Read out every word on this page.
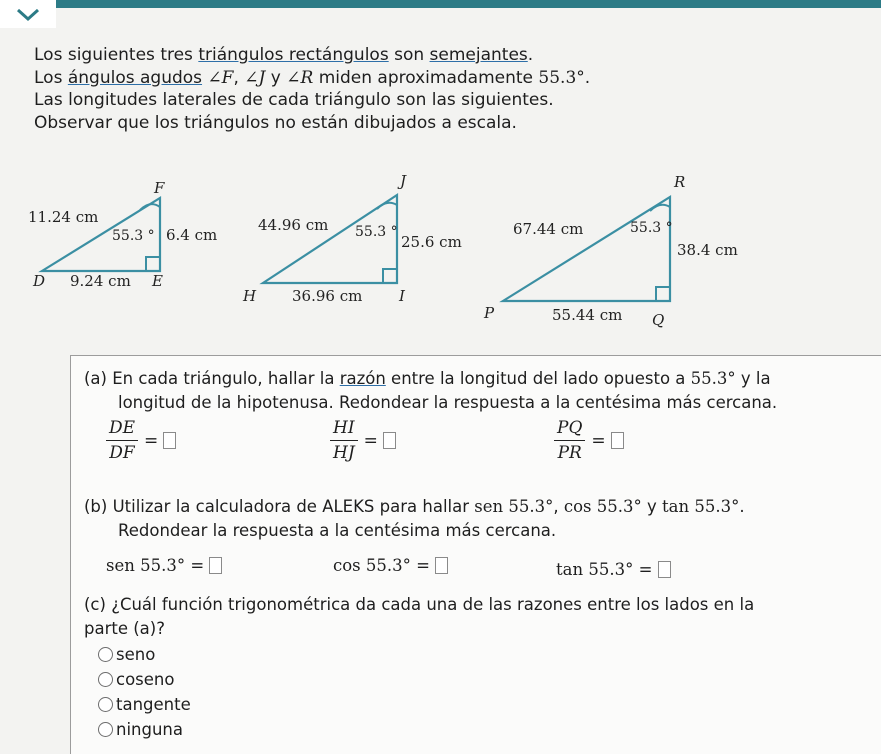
Los siguientes tres triángulos rectángulos son semejantes.

Los ángulos agudos ∠F, ∠J y ∠R miden aproximadamente 55.3°.

Las longitudes laterales de cada triángulo son las siguientes.

Observar que los triángulos no están dibujados a escala.

F
D	E
11.24 cm
6.4 cm
9.24 cm
55.3 °
J
H	I
44.96 cm
25.6 cm
36.96 cm
55.3 °
R
P	Q
67.44 cm
38.4 cm
55.44 cm
55.3 °
(a) En cada triángulo, hallar la razón entre la longitud del lado opuesto a 55.3° y la
longitud de la hipotenusa. Redondear la respuesta a la centésima más cercana.
$\frac{DE}{DF}$ =	$\frac{HI}{HJ}$ =	$\frac{PQ}{PR}$ =
(b) Utilizar la calculadora de ALEKS para hallar sen 55.3°, cos 55.3° y tan 55.3°.
Redondear la respuesta a la centésima más cercana.
sen 55.3° =
	cos 55.3° =
	tan 55.3° =

(c) ¿Cuál función trigonométrica da cada una de las razones entre los lados en la
parte (a)?
seno
coseno
tangente
ninguna
